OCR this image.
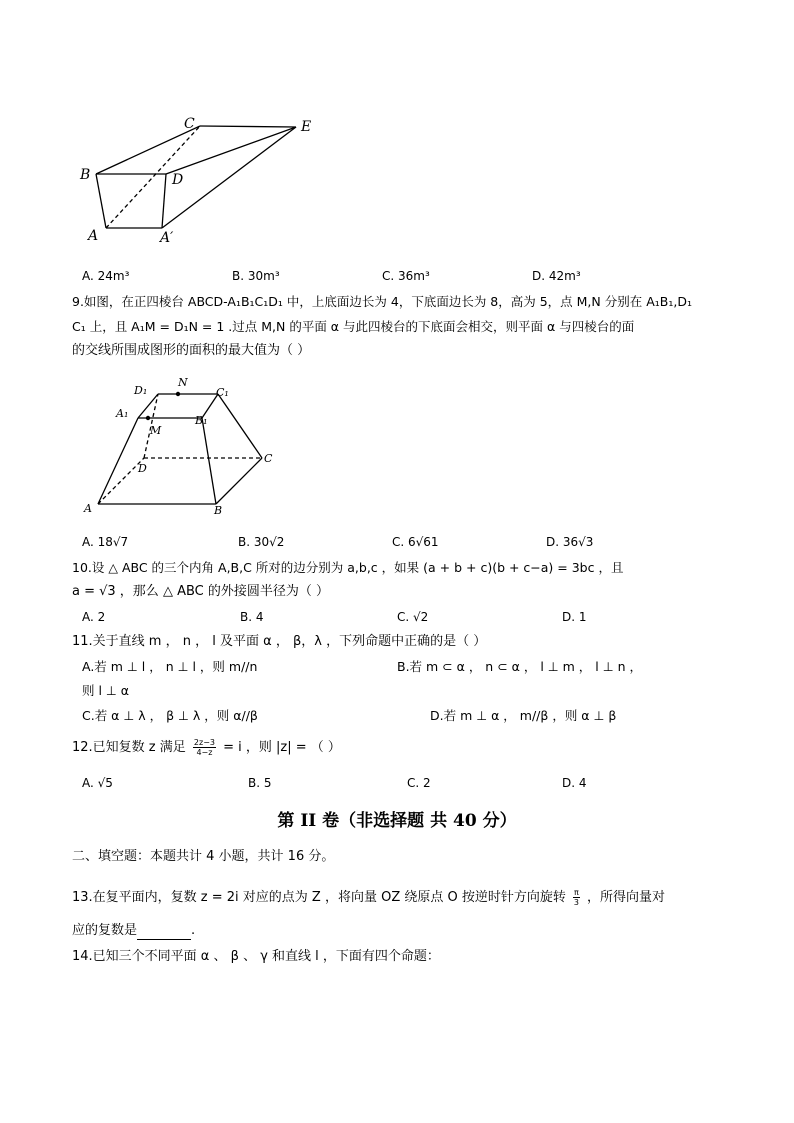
C	E
B	D
A	A′
A. 24m³	B. 30m³	C. 36m³	D. 42m³
9.如图，在正四棱台 ABCD-A₁B₁C₁D₁ 中，上底面边长为 4，下底面边长为 8，高为 5，点 M,N 分别在 A₁B₁,D₁
C₁ 上，且 A₁M = D₁N = 1 .过点 M,N 的平面 α 与此四棱台的下底面会相交，则平面 α 与四棱台的面
的交线所围成图形的面积的最大值为（ ）
D₁
N
C₁
A₁
B₁
M
D
C
A	B
A. 18√7	B. 30√2	C. 6√61	D. 36√3
10.设 △ ABC 的三个内角 A,B,C 所对的边分别为 a,b,c ，如果 (a + b + c)(b + c−a) = 3bc ，且
a = √3 ，那么 △ ABC 的外接圆半径为（ ）
A. 2	B. 4	C. √2	D. 1
11.关于直线 m ， n ， l 及平面 α ， β，λ ，下列命题中正确的是（ ）
A.若 m ⊥ l ， n ⊥ l ，则 m//n	B.若 m ⊂ α ， n ⊂ α ， l ⊥ m ， l ⊥ n ，
则 l ⊥ α
C.若 α ⊥ λ ， β ⊥ λ ，则 α//β	D.若 m ⊥ α ， m//β ，则 α ⊥ β
12.已知复数 z 满足 $\frac{2z-3}{4-z} = i$ ，则 |z| = （ ）
A. √5	B. 5	C. 2	D. 4
第 II 卷（非选择题 共 40 分）
二、填空题：本题共计 4 小题，共计 16 分。
13.在复平面内，复数 z = 2i 对应的点为 Z ，将向量 OZ 绕原点 O 按逆时针方向旋转 $\frac{\pi}{3}$ ，所得向量对
应的复数是	.
14.已知三个不同平面 α 、 β 、 γ 和直线 l ，下面有四个命题：
